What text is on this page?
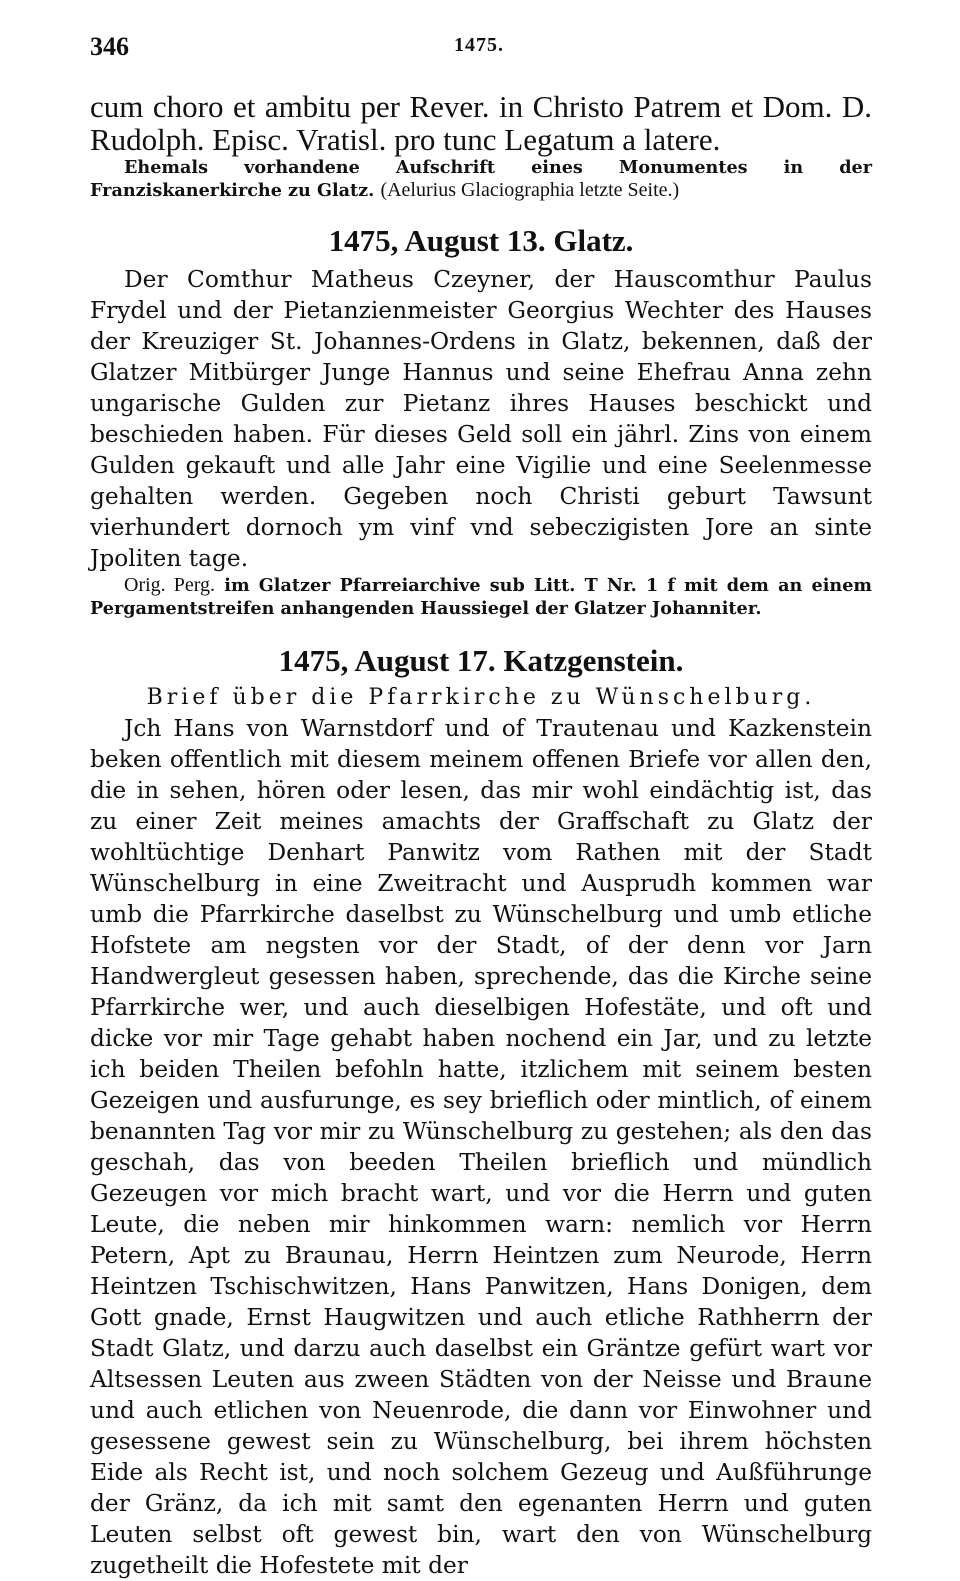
346	1475.

cum choro et ambitu per Rever. in Christo Patrem et Dom. D. Rudolph. Episc. Vratisl. pro tunc Legatum a latere.

Ehemals vorhandene Aufschrift eines Monumentes in der Franziskanerkirche zu Glatz. (Aelurius Glaciographia letzte Seite.)

1475, August 13. Glatz.

Der Comthur Matheus Czeyner, der Hauscomthur Paulus Frydel und der Pietanzienmeister Georgius Wechter des Hauses der Kreuziger St. Johannes-Ordens in Glatz, bekennen, daß der Glatzer Mitbürger Junge Hannus und seine Ehefrau Anna zehn ungarische Gulden zur Pietanz ihres Hauses beschickt und beschieden haben. Für dieses Geld soll ein jährl. Zins von einem Gulden gekauft und alle Jahr eine Vigilie und eine Seelenmesse gehalten werden. Gegeben noch Christi geburt Tawsunt vierhundert dornoch ym vinf vnd sebeczigisten Jore an sinte Jpoliten tage.

Orig. Perg. im Glatzer Pfarreiarchive sub Litt. T Nr. 1 f mit dem an einem Pergamentstreifen anhangenden Haussiegel der Glatzer Johanniter.

1475, August 17. Katzgenstein.

Brief über die Pfarrkirche zu Wünschelburg.

Jch Hans von Warnstdorf und of Trautenau und Kazkenstein beken offentlich mit diesem meinem offenen Briefe vor allen den, die in sehen, hören oder lesen, das mir wohl eindächtig ist, das zu einer Zeit meines amachts der Graffschaft zu Glatz der wohltüchtige Denhart Panwitz vom Rathen mit der Stadt Wünschelburg in eine Zweitracht und Ausprudh kommen war umb die Pfarrkirche daselbst zu Wünschelburg und umb etliche Hofstete am negsten vor der Stadt, of der denn vor Jarn Handwergleut gesessen haben, sprechende, das die Kirche seine Pfarrkirche wer, und auch dieselbigen Hofestäte, und oft und dicke vor mir Tage gehabt haben nochend ein Jar, und zu letzte ich beiden Theilen befohln hatte, itzlichem mit seinem besten Gezeigen und ausfurunge, es sey brieflich oder mintlich, of einem benannten Tag vor mir zu Wünschelburg zu gestehen; als den das geschah, das von beeden Theilen brieflich und mündlich Gezeugen vor mich bracht wart, und vor die Herrn und guten Leute, die neben mir hinkommen warn: nemlich vor Herrn Petern, Apt zu Braunau, Herrn Heintzen zum Neurode, Herrn Heintzen Tschischwitzen, Hans Panwitzen, Hans Donigen, dem Gott gnade, Ernst Haugwitzen und auch etliche Rathherrn der Stadt Glatz, und darzu auch daselbst ein Gräntze gefürt wart vor Altsessen Leuten aus zween Städten von der Neisse und Braune und auch etlichen von Neuenrode, die dann vor Einwohner und gesessene gewest sein zu Wünschelburg, bei ihrem höchsten Eide als Recht ist, und noch solchem Gezeug und Außführunge der Gränz, da ich mit samt den egenanten Herrn und guten Leuten selbst oft gewest bin, wart den von Wünschelburg zugetheilt die Hofestete mit der
